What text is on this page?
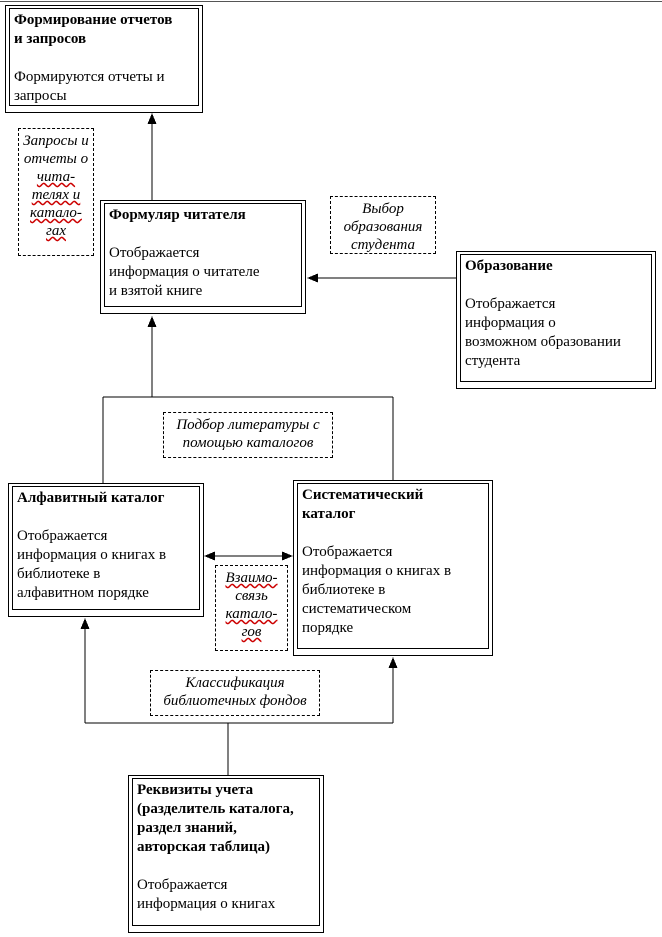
Формирование отчетов
и запросов
Формируются отчеты и
запросы
Запросы и
отчеты о
чита-
телях и
катало-
гах
Формуляр читателя
Отображается
информация о читателе
и взятой книге
Выбор
образования
студента
Образование
Отображается
информация о
возможном образовании
студента
Подбор литературы с
помощью каталогов
Алфавитный каталог
Отображается
информация о книгах в
библиотеке в
алфавитном порядке
Систематический
каталог
Отображается
информация о книгах в
библиотеке в
систематическом
порядке
Взаимо-
связь
катало-
гов
Классификация
библиотечных фондов
Реквизиты учета
(разделитель каталога,
раздел знаний,
авторская таблица)
Отображается
информация о книгах
